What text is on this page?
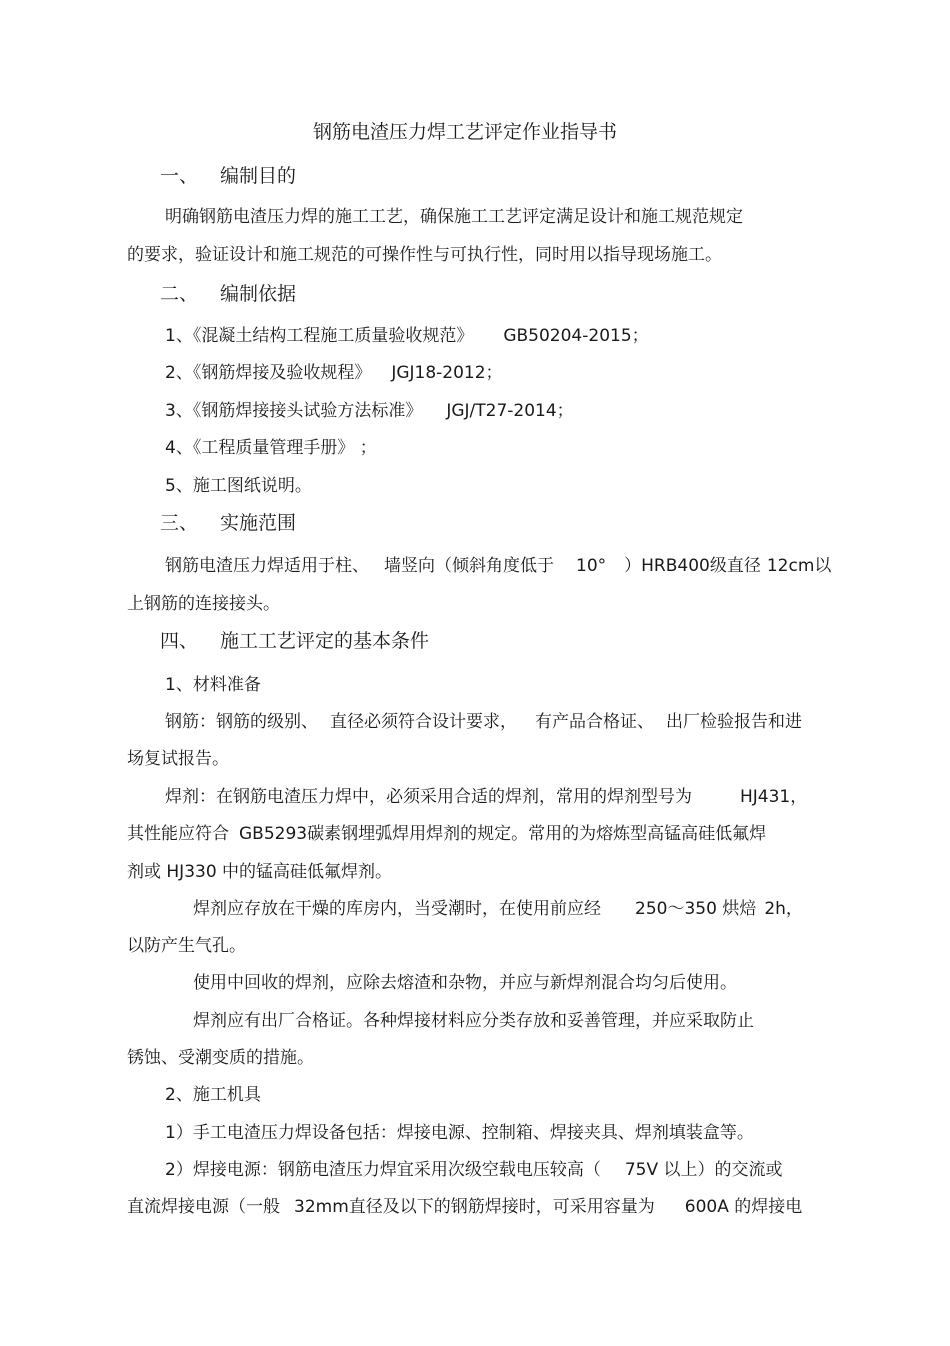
钢筋电渣压力焊工艺评定作业指导书
一、 编制目的
明确钢筋电渣压力焊的施工工艺，确保施工工艺评定满足设计和施工规范规定
的要求，验证设计和施工规范的可操作性与可执行性，同时用以指导现场施工。
二、 编制依据
1、《混凝土结构工程施工质量验收规范》 GB50204-2015；
2、《钢筋焊接及验收规程》 JGJ18-2012；
3、《钢筋焊接接头试验方法标准》 JGJ/T27-2014；
4、《工程质量管理手册》 ；
5、施工图纸说明。
三、 实施范围
钢筋电渣压力焊适用于柱、 墙竖向（倾斜角度低于 10° ）HRB400级直径 12cm以
上钢筋的连接接头。
四、 施工工艺评定的基本条件
1、材料准备
钢筋：钢筋的级别、 直径必须符合设计要求， 有产品合格证、 出厂检验报告和进
场复试报告。
焊剂：在钢筋电渣压力焊中，必须采用合适的焊剂，常用的焊剂型号为	HJ431，
其性能应符合 GB5293碳素钢埋弧焊用焊剂的规定。常用的为熔炼型高锰高硅低氟焊
剂或 HJ330 中的锰高硅低氟焊剂。
焊剂应存放在干燥的库房内，当受潮时，在使用前应经 250～350 烘焙 2h，
以防产生气孔。
使用中回收的焊剂，应除去熔渣和杂物，并应与新焊剂混合均匀后使用。
焊剂应有出厂合格证。各种焊接材料应分类存放和妥善管理，并应采取防止
锈蚀、受潮变质的措施。
2、施工机具
1）手工电渣压力焊设备包括：焊接电源、控制箱、焊接夹具、焊剂填装盒等。
2）焊接电源：钢筋电渣压力焊宜采用次级空载电压较高（ 75V 以上）的交流或
直流焊接电源（一般 32mm直径及以下的钢筋焊接时，可采用容量为 600A 的焊接电
